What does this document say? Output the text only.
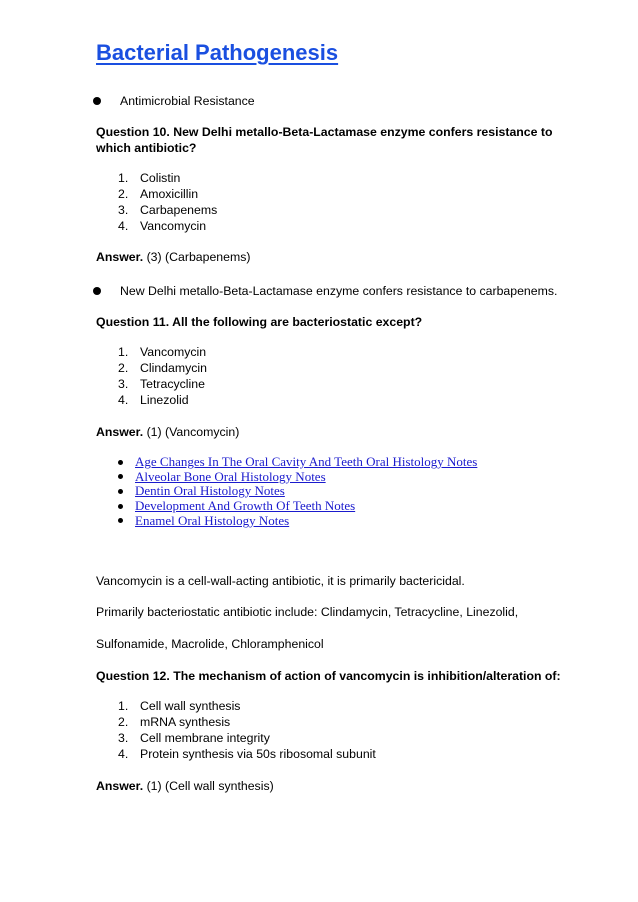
Bacterial Pathogenesis
Antimicrobial Resistance
Question 10. New Delhi metallo-Beta-Lactamase enzyme confers resistance to
which antibiotic?
1. Colistin
2. Amoxicillin
3. Carbapenems
4. Vancomycin
Answer. (3) (Carbapenems)
New Delhi metallo-Beta-Lactamase enzyme confers resistance to carbapenems.
Question 11. All the following are bacteriostatic except?
1. Vancomycin
2. Clindamycin
3. Tetracycline
4. Linezolid
Answer. (1) (Vancomycin)
Age Changes In The Oral Cavity And Teeth Oral Histology Notes
Alveolar Bone Oral Histology Notes
Dentin Oral Histology Notes
Development And Growth Of Teeth Notes
Enamel Oral Histology Notes
Vancomycin is a cell-wall-acting antibiotic, it is primarily bactericidal.
Primarily bacteriostatic antibiotic include: Clindamycin, Tetracycline, Linezolid,
Sulfonamide, Macrolide, Chloramphenicol
Question 12. The mechanism of action of vancomycin is inhibition/alteration of:
1. Cell wall synthesis
2. mRNA synthesis
3. Cell membrane integrity
4. Protein synthesis via 50s ribosomal subunit
Answer. (1) (Cell wall synthesis)
